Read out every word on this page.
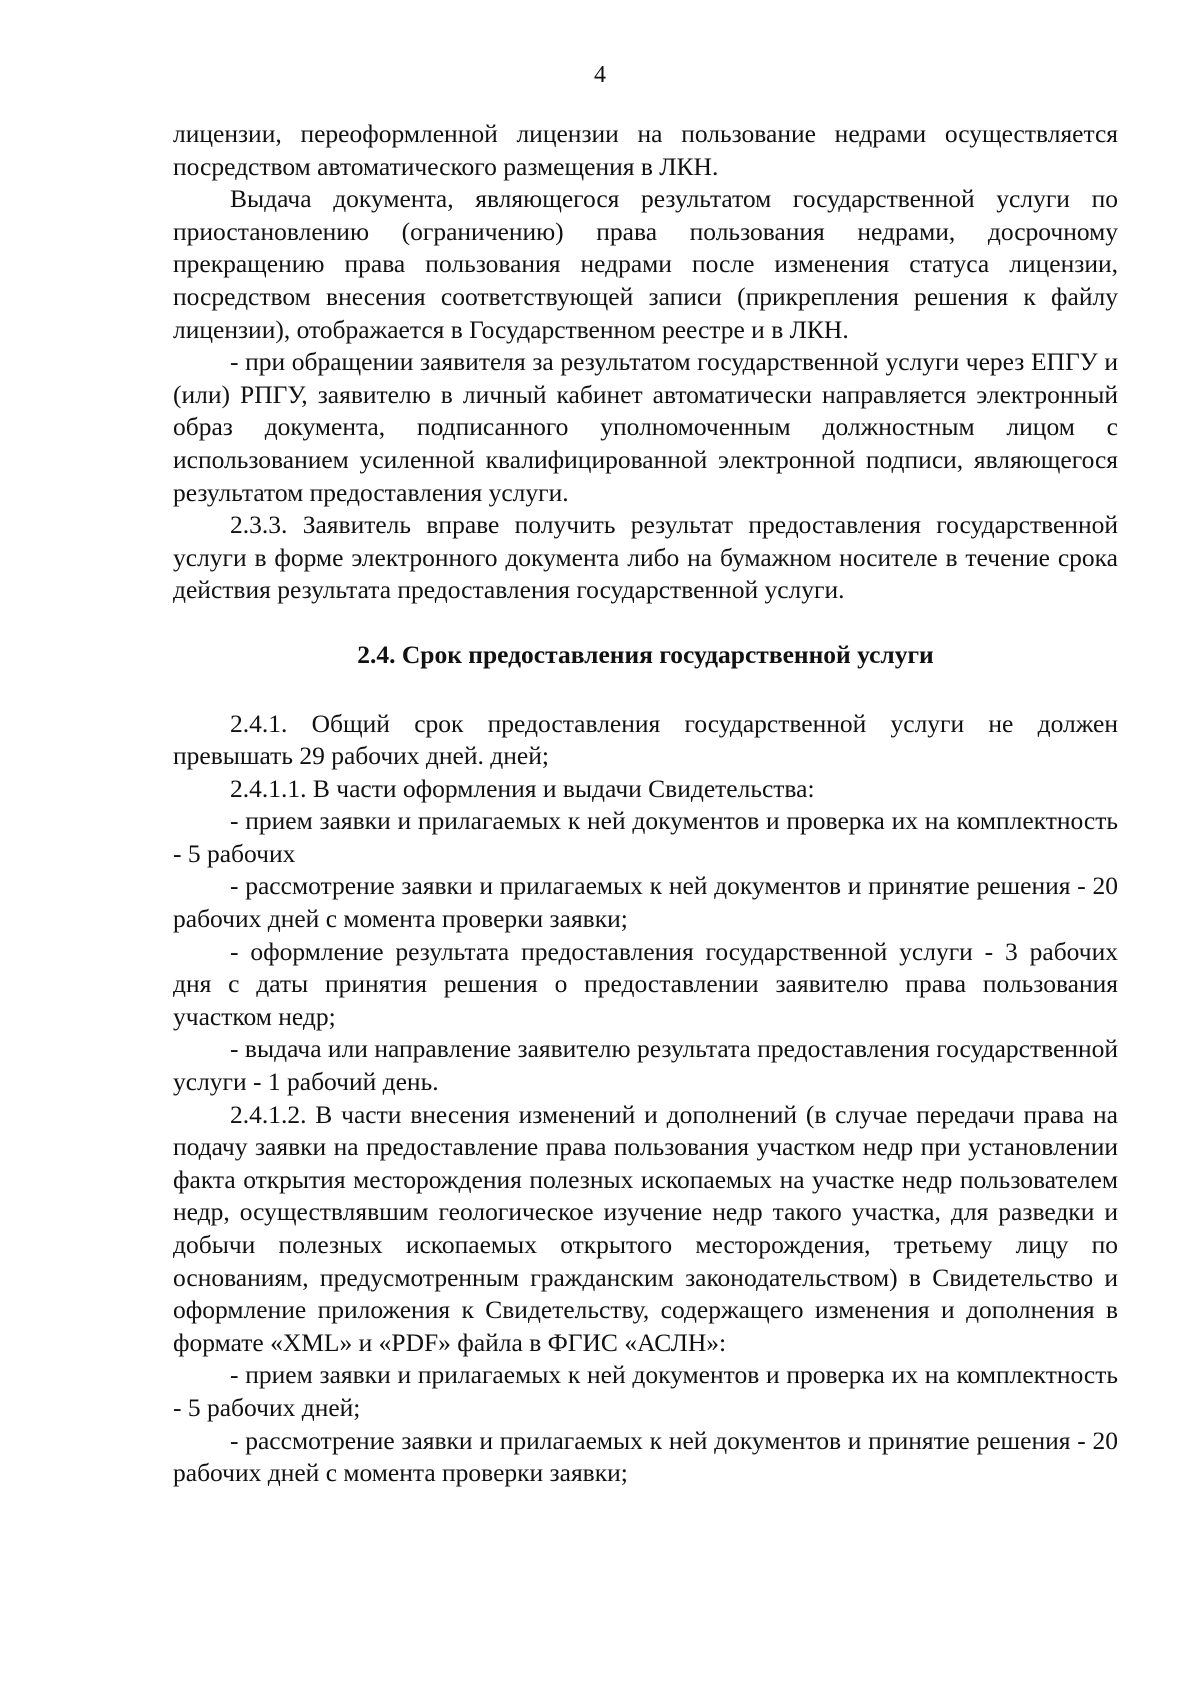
4

лицензии, переоформленной лицензии на пользование недрами осуществляется посредством автоматического размещения в ЛКН.

Выдача документа, являющегося результатом государственной услуги по приостановлению (ограничению) права пользования недрами, досрочному прекращению права пользования недрами после изменения статуса лицензии, посредством внесения соответствующей записи (прикрепления решения к файлу лицензии), отображается в Государственном реестре и в ЛКН.

- при обращении заявителя за результатом государственной услуги через ЕПГУ и (или) РПГУ, заявителю в личный кабинет автоматически направляется электронный образ документа, подписанного уполномоченным должностным лицом с использованием усиленной квалифицированной электронной подписи, являющегося результатом предоставления услуги.

2.3.3. Заявитель вправе получить результат предоставления государственной услуги в форме электронного документа либо на бумажном носителе в течение срока действия результата предоставления государственной услуги.

2.4. Срок предоставления государственной услуги

2.4.1. Общий срок предоставления государственной услуги не должен превышать 29 рабочих дней. дней;

2.4.1.1. В части оформления и выдачи Свидетельства:

- прием заявки и прилагаемых к ней документов и проверка их на комплектность - 5 рабочих

- рассмотрение заявки и прилагаемых к ней документов и принятие решения - 20 рабочих дней с момента проверки заявки;

- оформление результата предоставления государственной услуги - 3 рабочих дня с даты принятия решения о предоставлении заявителю права пользования участком недр;

- выдача или направление заявителю результата предоставления государственной услуги - 1 рабочий день.

2.4.1.2. В части внесения изменений и дополнений (в случае передачи права на подачу заявки на предоставление права пользования участком недр при установлении факта открытия месторождения полезных ископаемых на участке недр пользователем недр, осуществлявшим геологическое изучение недр такого участка, для разведки и добычи полезных ископаемых открытого месторождения, третьему лицу по основаниям, предусмотренным гражданским законодательством) в Свидетельство и оформление приложения к Свидетельству, содержащего изменения и дополнения в формате «XML» и «PDF» файла в ФГИС «АСЛН»:

- прием заявки и прилагаемых к ней документов и проверка их на комплектность - 5 рабочих дней;

- рассмотрение заявки и прилагаемых к ней документов и принятие решения - 20 рабочих дней с момента проверки заявки;
